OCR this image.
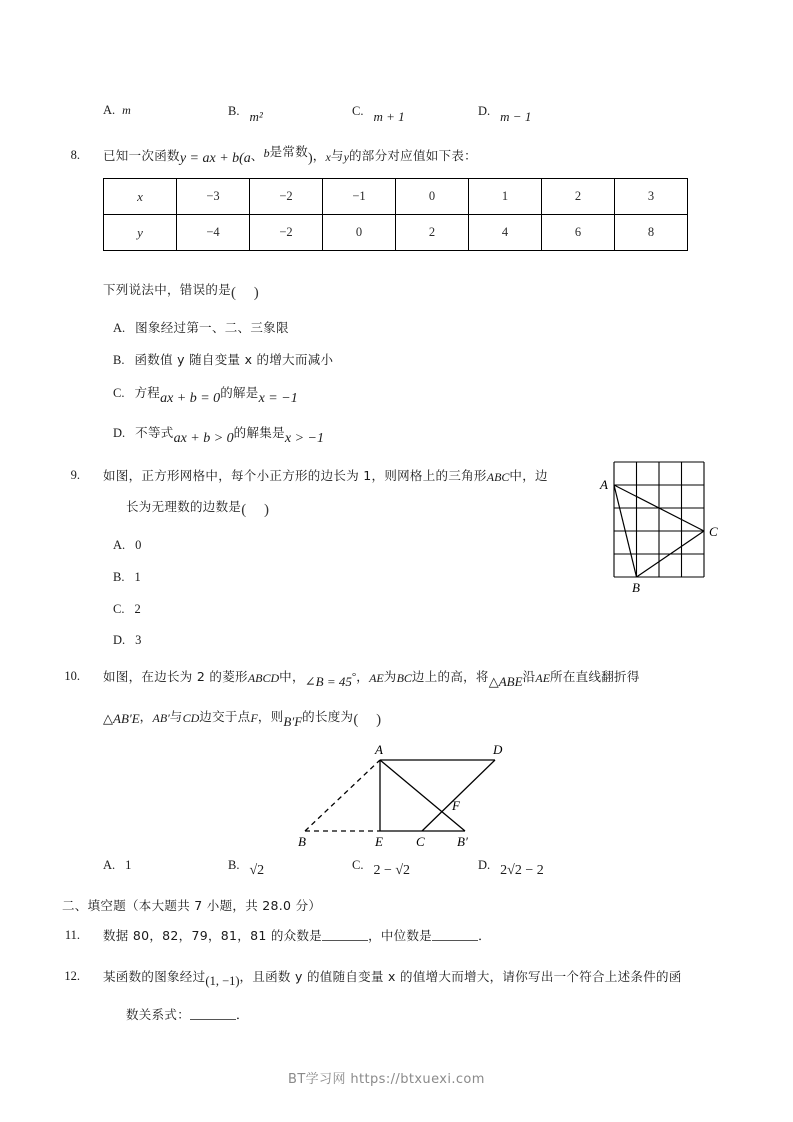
A. m	B. m²	C. m + 1	D. m − 1
8. 已知一次函数y = ax + b(a、b是常数)，x与y的部分对应值如下表：
x	−3	−2	−1	0	1	2	3
y	−4	−2	0	2	4	6	8
下列说法中，错误的是( )
A. 图象经过第一、二、三象限
B. 函数值 y 随自变量 x 的增大而减小
C. 方程ax + b = 0的解是x = −1
D. 不等式ax + b > 0的解集是x > −1
9. 如图，正方形网格中，每个小正方形的边长为 1，则网格上的三角形ABC中，边
长为无理数的边数是( )
A. 0
B. 1
C. 2
D. 3
A
B
C
10. 如图，在边长为 2 的菱形ABCD中，∠B = 45°，AE为BC边上的高，将△ABE沿AE所在直线翻折得
△AB′E，AB′与CD边交于点F，则B′F的长度为( )
A	D
B	E	C B′
F
A. 1	B. √2	C. 2 − √2	D. 2√2 − 2
二、填空题（本大题共 7 小题，共 28.0 分）
11. 数据 80，82，79，81，81 的众数是	，中位数是	．
12. 某函数的图象经过(1, −1)，且函数 y 的值随自变量 x 的值增大而增大，请你写出一个符合上述条件的函
数关系式：	．
BT学习网 https://btxuexi.com
